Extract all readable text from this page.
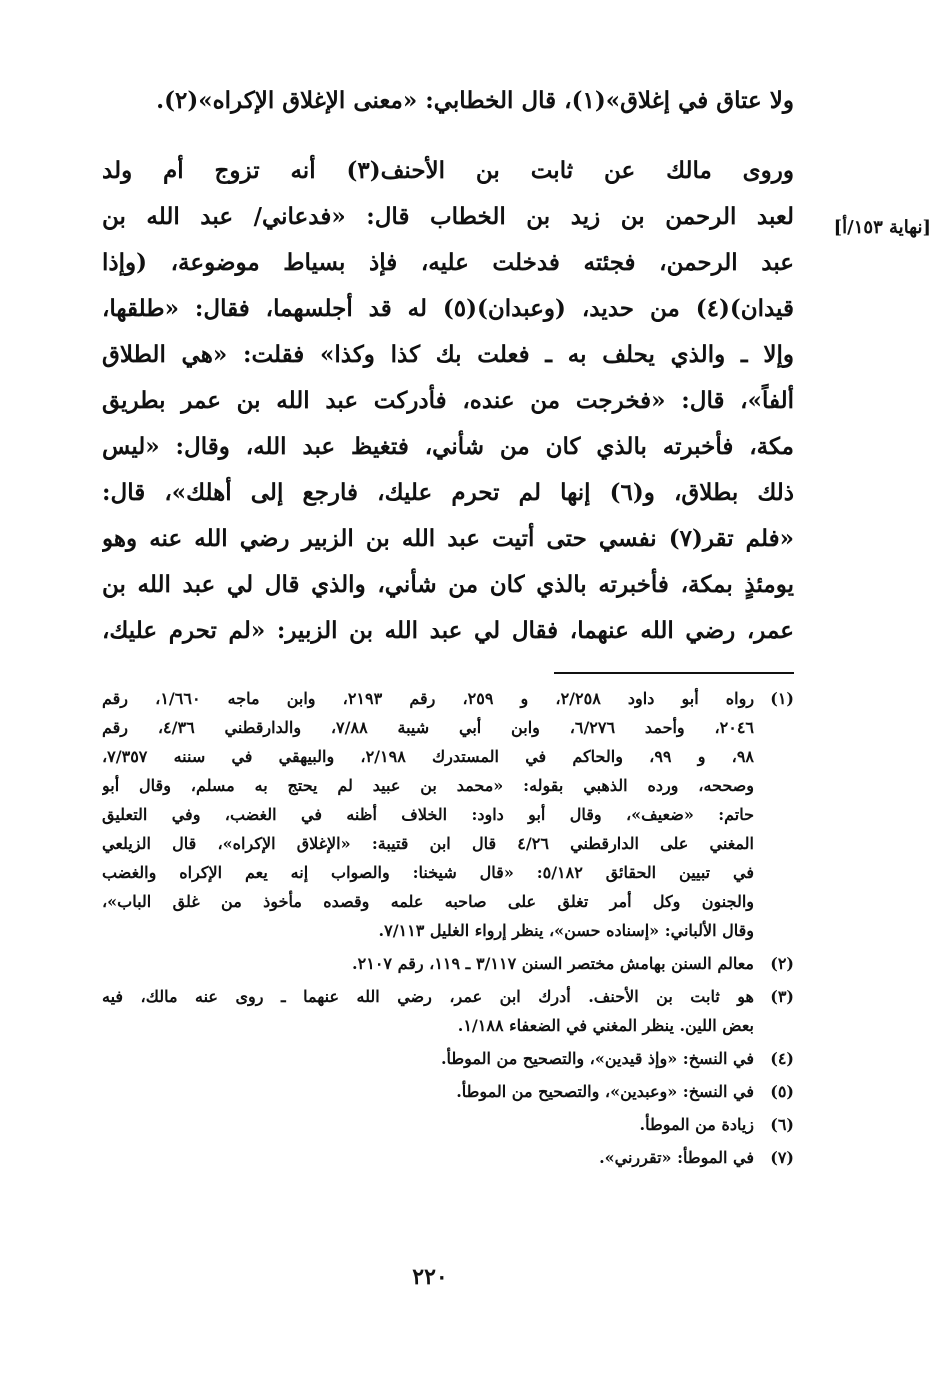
ولا عتاق في إغلاق»(١)، قال الخطابي: «معنى الإغلاق الإكراه»(٢).
وروى مالك عن ثابت بن الأحنف(٣) أنه تزوج أم ولد
لعبد الرحمن بن زيد بن الخطاب قال: «فدعاني/ عبد الله بن
عبد الرحمن، فجئته فدخلت عليه، فإذ بسياط موضوعة، (وإذا
قيدان)(٤) من حديد، (وعبدان)(٥) له قد أجلسهما، فقال: «طلقها،
وإلا ـ والذي يحلف به ـ فعلت بك كذا وكذا» فقلت: «هي الطلاق
ألفاً»، قال: «فخرجت من عنده، فأدركت عبد الله بن عمر بطريق
مكة، فأخبرته بالذي كان من شأني، فتغيظ عبد الله، وقال: «ليس
ذلك بطلاق، و(٦) إنها لم تحرم عليك، فارجع إلى أهلك»، قال:
«فلم تقر(٧) نفسي حتى أتيت عبد الله بن الزبير رضي الله عنه وهو
يومئذٍ بمكة، فأخبرته بالذي كان من شأني، والذي قال لي عبد الله بن
عمر، رضي الله عنهما، فقال لي عبد الله بن الزبير: «لم تحرم عليك،
[نهاية ١٥٣/أ]
(١)
رواه أبو داود ٢/٢٥٨، و ٢٥٩، رقم ٢١٩٣، وابن ماجه ١/٦٦٠، رقم
٢٠٤٦، وأحمد ٦/٢٧٦، وابن أبي شيبة ٧/٨٨، والدارقطني ٤/٣٦، رقم
٩٨، و ٩٩، والحاكم في المستدرك ٢/١٩٨، والبيهقي في سننه ٧/٣٥٧،
وصححه، ورده الذهبي بقوله: «محمد بن عبيد لم يحتج به مسلم، وقال أبو
حاتم: «ضعيف»، وقال أبو داود: الخلاف أظنه في الغضب، وفي التعليق
المغني على الدارقطني ٤/٢٦ قال ابن قتيبة: «الإغلاق الإكراه»، قال الزيلعي
في تبيين الحقائق ٥/١٨٢: «قال شيخنا: والصواب إنه يعم الإكراه والغضب
والجنون وكل أمر تغلق على صاحبه علمه وقصده مأخوذ من غلق الباب»،
وقال الألباني: «إسناده حسن»، ينظر إرواء الغليل ٧/١١٣.
(٢)
معالم السنن بهامش مختصر السنن ٣/١١٧ ـ ١١٩، رقم ٢١٠٧.
(٣)
هو ثابت بن الأحنف. أدرك ابن عمر، رضي الله عنهما ـ روى عنه مالك، فيه
بعض اللين. ينظر المغني في الضعفاء ١/١٨٨.
(٤)
في النسخ: «وإذ قيدين»، والتصحيح من الموطأ.
(٥)
في النسخ: «وعبدين»، والتصحيح من الموطأ.
(٦)
زيادة من الموطأ.
(٧)
في الموطأ: «تقررني».
٢٢٠
